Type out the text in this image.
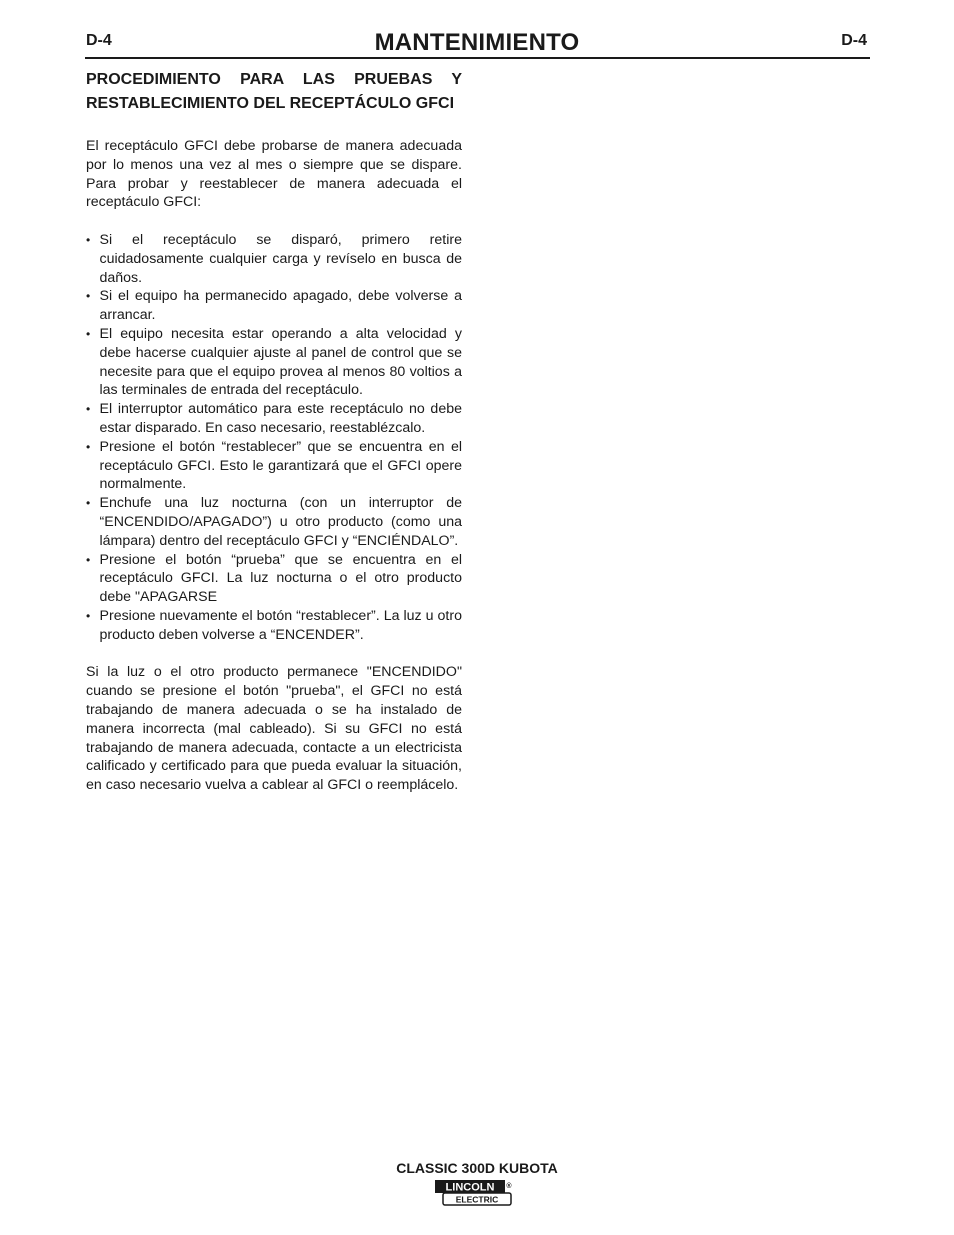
D-4	MANTENIMIENTO	D-4
PROCEDIMIENTO PARA LAS PRUEBAS Y RESTABLECIMIENTO DEL RECEPTÁCULO GFCI

El receptáculo GFCI debe probarse de manera adecuada por lo menos una vez al mes o siempre que se dispare. Para probar y reestablecer de manera adecuada el receptáculo GFCI:

• Si el receptáculo se disparó, primero retire cuidadosamente cualquier carga y revíselo en busca de daños.
• Si el equipo ha permanecido apagado, debe volverse a arrancar.
• El equipo necesita estar operando a alta velocidad y debe hacerse cualquier ajuste al panel de control que se necesite para que el equipo provea al menos 80 voltios a las terminales de entrada del receptáculo.
• El interruptor automático para este receptáculo no debe estar disparado. En caso necesario, reestablézcalo.
• Presione el botón “restablecer” que se encuentra en el receptáculo GFCI. Esto le garantizará que el GFCI opere normalmente.
• Enchufe una luz nocturna (con un interruptor de “ENCENDIDO/APAGADO”) u otro producto (como una lámpara) dentro del receptáculo GFCI y “ENCIÉNDALO”.
• Presione el botón “prueba” que se encuentra en el receptáculo GFCI. La luz nocturna o el otro producto debe "APAGARSE
• Presione nuevamente el botón “restablecer”. La luz u otro producto deben volverse a “ENCENDER”.

Si la luz o el otro producto permanece "ENCENDIDO" cuando se presione el botón "prueba", el GFCI no está trabajando de manera adecuada o se ha instalado de manera incorrecta (mal cableado). Si su GFCI no está trabajando de manera adecuada, contacte a un electricista calificado y certificado para que pueda evaluar la situación, en caso necesario vuelva a cablear al GFCI o reemplácelo.

CLASSIC 300D KUBOTA
LINCOLN ®
ELECTRIC
